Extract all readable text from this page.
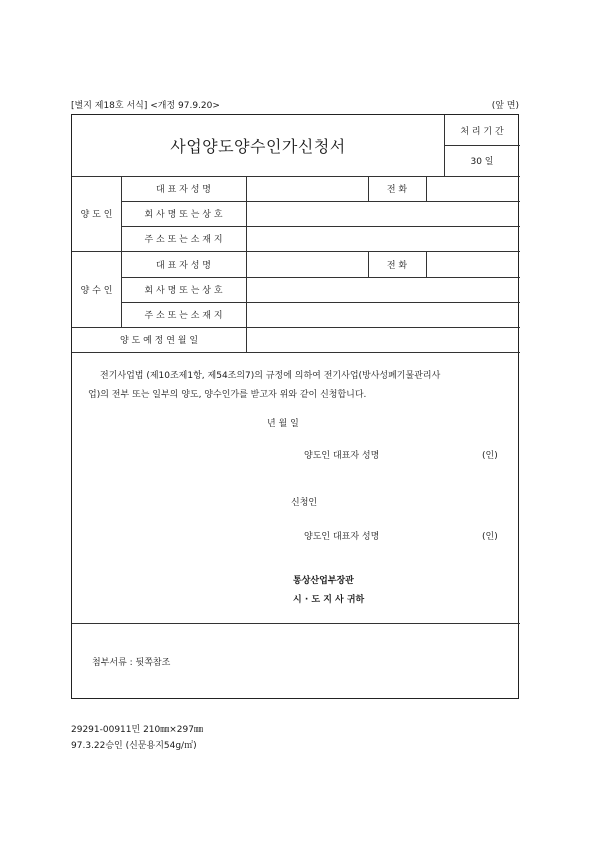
[별지 제18호 서식] <개정 97.9.20>	(앞 면)
사업양도양수인가신청서
처 리 기 간
30 일
양 도 인
대 표 자 성 명	전 화
회 사 명 또 는 상 호
주 소 또 는 소 재 지
양 수 인
대 표 자 성 명	전 화
회 사 명 또 는 상 호
주 소 또 는 소 재 지
양 도 예 정 연 월 일
전기사업법 (제10조제1항, 제54조의7)의 규정에 의하여 전기사업(방사성폐기물관리사
업)의 전부 또는 일부의 양도, 양수인가를 받고자 위와 같이 신청합니다.
년 월 일
양도인 대표자 성명	(인)
신청인
양도인 대표자 성명	(인)
통상산업부장관
시 · 도 지 사 귀하
첨부서류 : 뒷쪽참조
29291-00911민 210㎜×297㎜
97.3.22승인 (신문용지54g/㎡)
